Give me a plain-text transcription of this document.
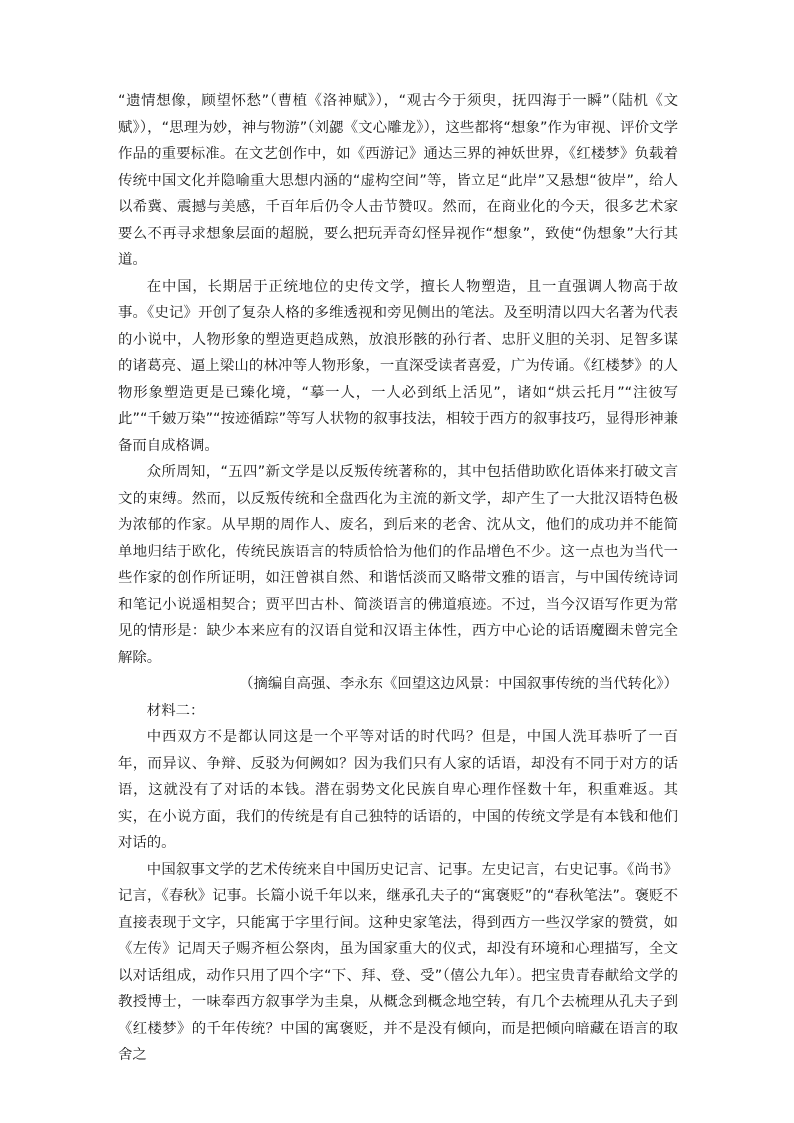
“遗情想像，顾望怀愁”（曹植《洛神赋》），“观古今于须臾，抚四海于一瞬”（陆机《文赋》），“思理为妙，神与物游”（刘勰《文心雕龙》），这些都将“想象”作为审视、评价文学作品的重要标准。在文艺创作中，如《西游记》通达三界的神妖世界，《红楼梦》负载着传统中国文化并隐喻重大思想内涵的“虚构空间”等，皆立足“此岸”又悬想“彼岸”，给人以希冀、震撼与美感，千百年后仍令人击节赞叹。然而，在商业化的今天，很多艺术家要么不再寻求想象层面的超脱，要么把玩弄奇幻怪异视作“想象”，致使“伪想象”大行其道。

在中国，长期居于正统地位的史传文学，擅长人物塑造，且一直强调人物高于故事。《史记》开创了复杂人格的多维透视和旁见侧出的笔法。及至明清以四大名著为代表的小说中，人物形象的塑造更趋成熟，放浪形骸的孙行者、忠肝义胆的关羽、足智多谋的诸葛亮、逼上梁山的林冲等人物形象，一直深受读者喜爱，广为传诵。《红楼梦》的人物形象塑造更是已臻化境，“摹一人，一人必到纸上活见”，诸如“烘云托月”“注彼写此”“千皴万染”“按迹循踪”等写人状物的叙事技法，相较于西方的叙事技巧，显得形神兼备而自成格调。

众所周知，“五四”新文学是以反叛传统著称的，其中包括借助欧化语体来打破文言文的束缚。然而，以反叛传统和全盘西化为主流的新文学，却产生了一大批汉语特色极为浓郁的作家。从早期的周作人、废名，到后来的老舍、沈从文，他们的成功并不能简单地归结于欧化，传统民族语言的特质恰恰为他们的作品增色不少。这一点也为当代一些作家的创作所证明，如汪曾祺自然、和谐恬淡而又略带文雅的语言，与中国传统诗词和笔记小说遥相契合；贾平凹古朴、简淡语言的佛道痕迹。不过，当今汉语写作更为常见的情形是：缺少本来应有的汉语自觉和汉语主体性，西方中心论的话语魔圈未曾完全解除。

（摘编自高强、李永东《回望这边风景：中国叙事传统的当代转化》）

材料二：

中西双方不是都认同这是一个平等对话的时代吗？但是，中国人洗耳恭听了一百年，而异议、争辩、反驳为何阙如？因为我们只有人家的话语，却没有不同于对方的话语，这就没有了对话的本钱。潜在弱势文化民族自卑心理作怪数十年，积重难返。其实，在小说方面，我们的传统是有自己独特的话语的，中国的传统文学是有本钱和他们对话的。

中国叙事文学的艺术传统来自中国历史记言、记事。左史记言，右史记事。《尚书》记言，《春秋》记事。长篇小说千年以来，继承孔夫子的“寓褒贬”的“春秋笔法”。褒贬不直接表现于文字，只能寓于字里行间。这种史家笔法，得到西方一些汉学家的赞赏，如《左传》记周天子赐齐桓公祭肉，虽为国家重大的仪式，却没有环境和心理描写，全文以对话组成，动作只用了四个字“下、拜、登、受”（僖公九年）。把宝贵青春献给文学的教授博士，一味奉西方叙事学为圭臬，从概念到概念地空转，有几个去梳理从孔夫子到《红楼梦》的千年传统？中国的寓褒贬，并不是没有倾向，而是把倾向暗藏在语言的取舍之
